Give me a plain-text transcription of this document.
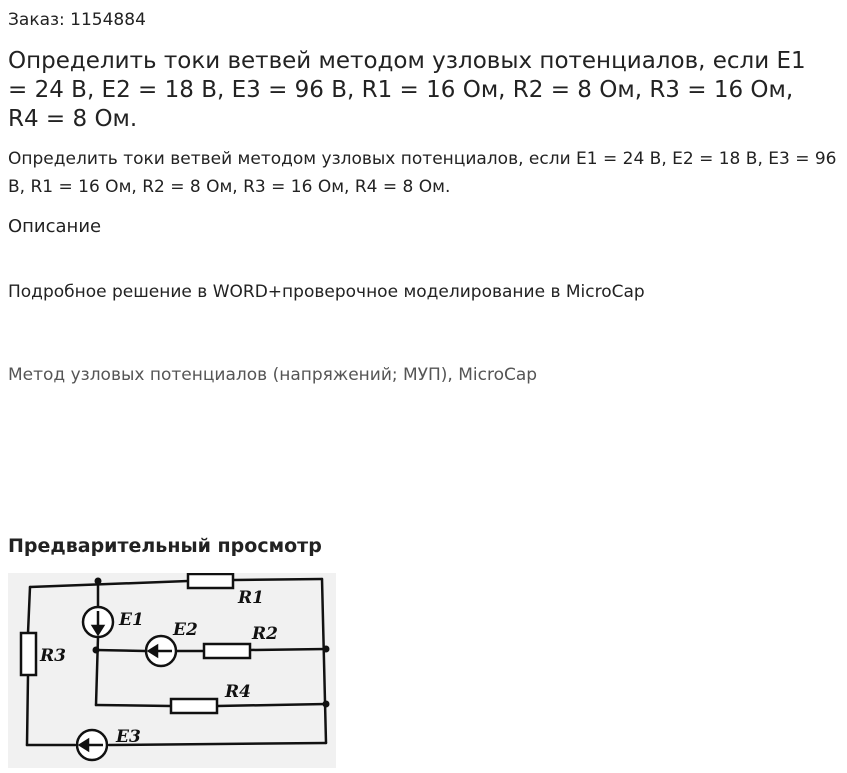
Заказ: 1154884
Определить токи ветвей методом узловых потенциалов, если E1 = 24 В, E2 = 18 В, E3 = 96 В, R1 = 16 Ом, R2 = 8 Ом, R3 = 16 Ом, R4 = 8 Ом.
Определить токи ветвей методом узловых потенциалов, если E1 = 24 В, E2 = 18 В, E3 = 96 В, R1 = 16 Ом, R2 = 8 Ом, R3 = 16 Ом, R4 = 8 Ом.
Описание
Подробное решение в WORD+проверочное моделирование в MicroCap
Метод узловых потенциалов (напряжений; МУП), MicroCap
Предварительный просмотр
R1
R2
R3
R4
E1 E2
E3
